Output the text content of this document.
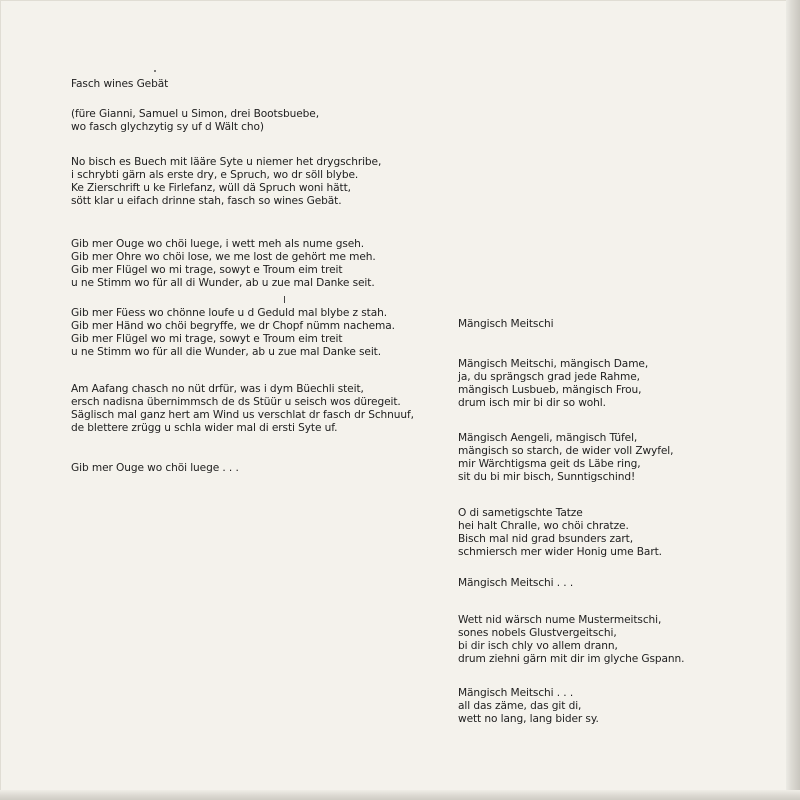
Fasch wines Gebät
(füre Gianni, Samuel u Simon, drei Bootsbuebe,
wo fasch glychzytig sy uf d Wält cho)
No bisch es Buech mit lääre Syte u niemer het drygschribe,
i schrybti gärn als erste dry, e Spruch, wo dr söll blybe.
Ke Zierschrift u ke Firlefanz, wüll dä Spruch woni hätt,
sött klar u eifach drinne stah, fasch so wines Gebät.
Gib mer Ouge wo chöi luege, i wett meh als nume gseh.
Gib mer Ohre wo chöi lose, we me lost de gehört me meh.
Gib mer Flügel wo mi trage, sowyt e Troum eim treit
u ne Stimm wo für all di Wunder, ab u zue mal Danke seit.
Gib mer Füess wo chönne loufe u d Geduld mal blybe z stah.
Gib mer Händ wo chöi begryffe, we dr Chopf nümm nachema.
Gib mer Flügel wo mi trage, sowyt e Troum eim treit
u ne Stimm wo für all die Wunder, ab u zue mal Danke seit.
Am Aafang chasch no nüt drfür, was i dym Büechli steit,
ersch nadisna übernimmsch de ds Stüür u seisch wos düregeit.
Säglisch mal ganz hert am Wind us verschlat dr fasch dr Schnuuf,
de blettere zrügg u schla wider mal di ersti Syte uf.
Gib mer Ouge wo chöi luege . . .
Mängisch Meitschi
Mängisch Meitschi, mängisch Dame,
ja, du sprängsch grad jede Rahme,
mängisch Lusbueb, mängisch Frou,
drum isch mir bi dir so wohl.
Mängisch Aengeli, mängisch Tüfel,
mängisch so starch, de wider voll Zwyfel,
mir Wärchtigsma geit ds Läbe ring,
sit du bi mir bisch, Sunntigschind!
O di sametigschte Tatze
hei halt Chralle, wo chöi chratze.
Bisch mal nid grad bsunders zart,
schmiersch mer wider Honig ume Bart.
Mängisch Meitschi . . .
Wett nid wärsch nume Mustermeitschi,
sones nobels Glustvergeitschi,
bi dir isch chly vo allem drann,
drum ziehni gärn mit dir im glyche Gspann.
Mängisch Meitschi . . .
all das zäme, das git di,
wett no lang, lang bider sy.
